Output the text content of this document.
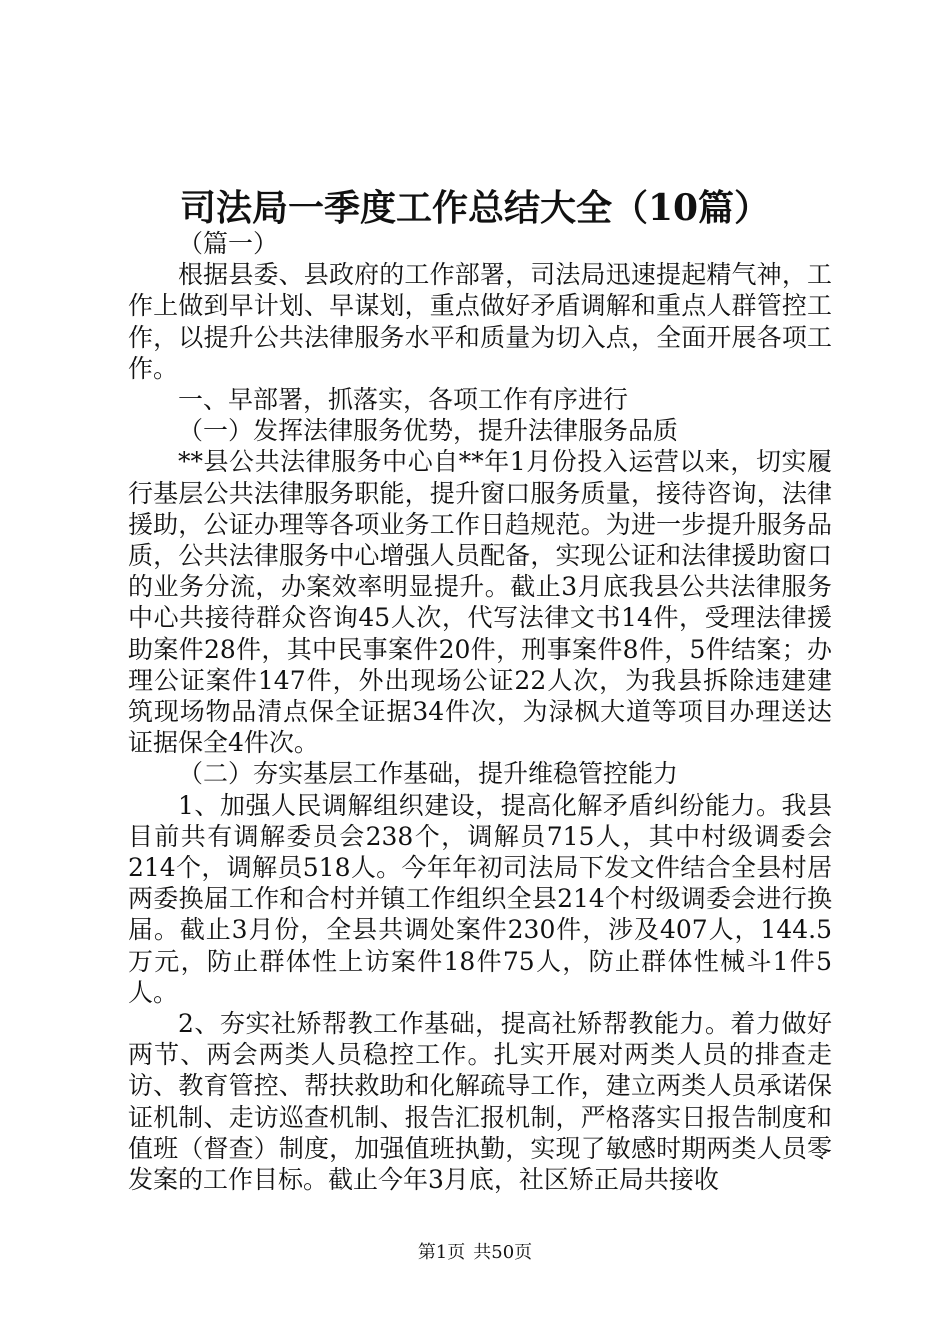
司法局一季度工作总结大全（10篇）

（篇一）

根据县委、县政府的工作部署，司法局迅速提起精气神，工作上做到早计划、早谋划，重点做好矛盾调解和重点人群管控工作，以提升公共法律服务水平和质量为切入点，全面开展各项工作。

一、早部署，抓落实，各项工作有序进行

（一）发挥法律服务优势，提升法律服务品质

**县公共法律服务中心自**年1月份投入运营以来，切实履行基层公共法律服务职能，提升窗口服务质量，接待咨询，法律援助，公证办理等各项业务工作日趋规范。为进一步提升服务品质，公共法律服务中心增强人员配备，实现公证和法律援助窗口的业务分流，办案效率明显提升。截止3月底我县公共法律服务中心共接待群众咨询45人次，代写法律文书14件，受理法律援助案件28件，其中民事案件20件，刑事案件8件，5件结案；办理公证案件147件，外出现场公证22人次，为我县拆除违建建筑现场物品清点保全证据34件次，为渌枫大道等项目办理送达证据保全4件次。

（二）夯实基层工作基础，提升维稳管控能力

1、加强人民调解组织建设，提高化解矛盾纠纷能力。我县目前共有调解委员会238个，调解员715人，其中村级调委会214个，调解员518人。今年年初司法局下发文件结合全县村居两委换届工作和合村并镇工作组织全县214个村级调委会进行换届。截止3月份，全县共调处案件230件，涉及407人，144.5万元，防止群体性上访案件18件75人，防止群体性械斗1件5人。

2、夯实社矫帮教工作基础，提高社矫帮教能力。着力做好两节、两会两类人员稳控工作。扎实开展对两类人员的排查走访、教育管控、帮扶救助和化解疏导工作，建立两类人员承诺保证机制、走访巡查机制、报告汇报机制，严格落实日报告制度和值班（督查）制度，加强值班执勤，实现了敏感时期两类人员零发案的工作目标。截止今年3月底，社区矫正局共接收

第1页 共50页
